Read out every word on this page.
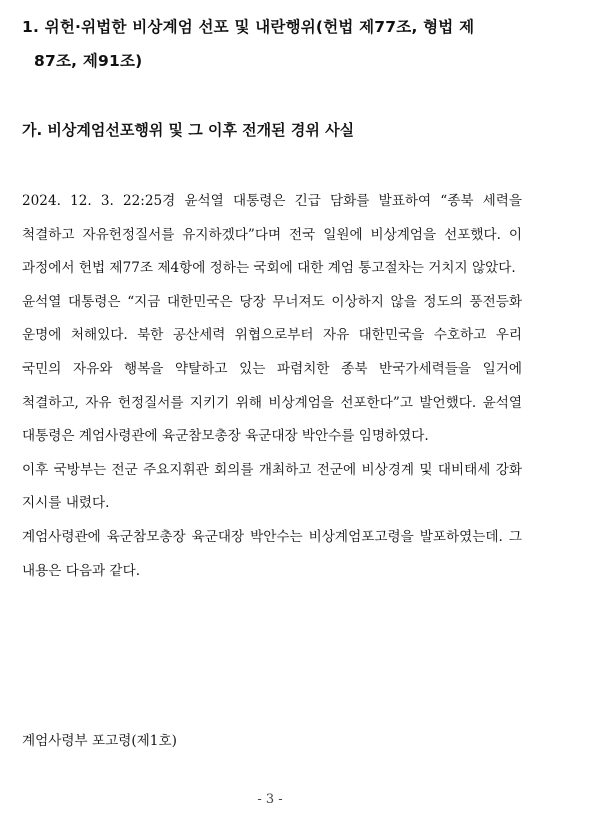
1. 위헌·위법한 비상계엄 선포 및 내란행위(헌법 제77조, 형법 제
87조, 제91조)
가. 비상계엄선포행위 및 그 이후 전개된 경위 사실

2024. 12. 3. 22:25경 윤석열 대통령은 긴급 담화를 발표하여 “종북 세력을 척결하고 자유헌정질서를 유지하겠다”다며 전국 일원에 비상계엄을 선포했다. 이 과정에서 헌법 제77조 제4항에 정하는 국회에 대한 계엄 통고절차는 거치지 않았다.

윤석열 대통령은 “지금 대한민국은 당장 무너져도 이상하지 않을 정도의 풍전등화 운명에 처해있다. 북한 공산세력 위협으로부터 자유 대한민국을 수호하고 우리 국민의 자유와 행복을 약탈하고 있는 파렴치한 종북 반국가세력들을 일거에 척결하고, 자유 헌정질서를 지키기 위해 비상계엄을 선포한다”고 발언했다. 윤석열 대통령은 계엄사령관에 육군참모총장 육군대장 박안수를 임명하였다.

이후 국방부는 전군 주요지휘관 회의를 개최하고 전군에 비상경계 및 대비태세 강화 지시를 내렸다.

계엄사령관에 육군참모총장 육군대장 박안수는 비상계엄포고령을 발포하였는데. 그 내용은 다음과 같다.

계엄사령부 포고령(제1호)
- 3 -
